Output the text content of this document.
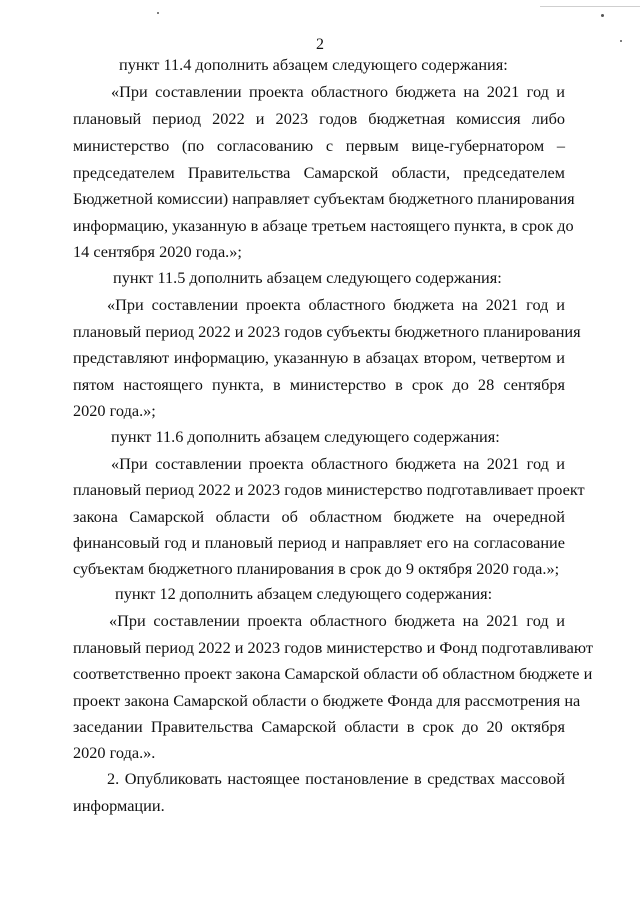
2
пункт 11.4 дополнить абзацем следующего содержания:
«При составлении проекта областного бюджета на 2021 год и
плановый период 2022 и 2023 годов бюджетная комиссия либо
министерство (по согласованию с первым вице-губернатором –
председателем Правительства Самарской области, председателем
Бюджетной комиссии) направляет субъектам бюджетного планирования
информацию, указанную в абзаце третьем настоящего пункта, в срок до
14 сентября 2020 года.»;
пункт 11.5 дополнить абзацем следующего содержания:
«При составлении проекта областного бюджета на 2021 год и
плановый период 2022 и 2023 годов субъекты бюджетного планирования
представляют информацию, указанную в абзацах втором, четвертом и
пятом настоящего пункта, в министерство в срок до 28 сентября
2020 года.»;
пункт 11.6 дополнить абзацем следующего содержания:
«При составлении проекта областного бюджета на 2021 год и
плановый период 2022 и 2023 годов министерство подготавливает проект
закона Самарской области об областном бюджете на очередной
финансовый год и плановый период и направляет его на согласование
субъектам бюджетного планирования в срок до 9 октября 2020 года.»;
пункт 12 дополнить абзацем следующего содержания:
«При составлении проекта областного бюджета на 2021 год и
плановый период 2022 и 2023 годов министерство и Фонд подготавливают
соответственно проект закона Самарской области об областном бюджете и
проект закона Самарской области о бюджете Фонда для рассмотрения на
заседании Правительства Самарской области в срок до 20 октября
2020 года.».
2. Опубликовать настоящее постановление в средствах массовой
информации.
